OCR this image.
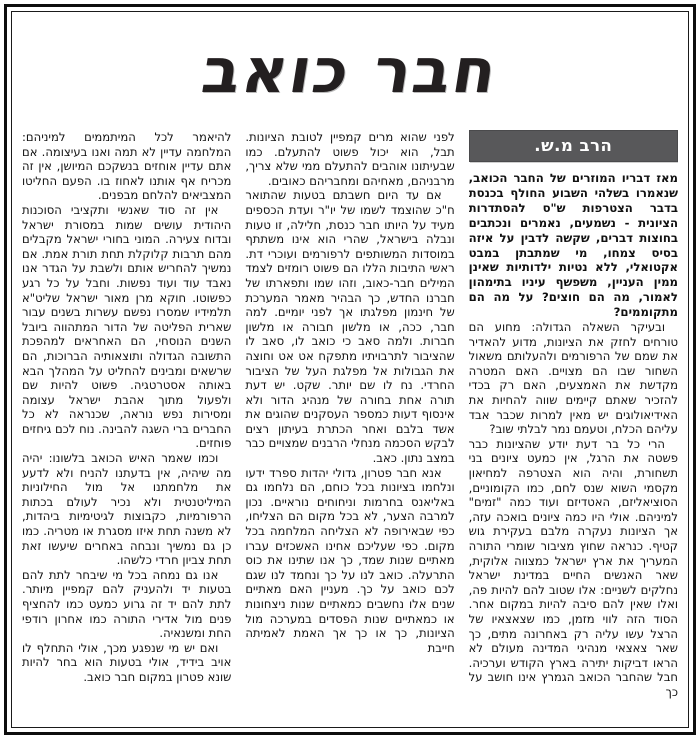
חבר כואב
הרב מ.ש.

מאז דבריו המוזרים של החבר הכואב, שנאמרו בשלהי השבוע החולף בכנסת בדבר הצטרפות ש"ס להסתדרות הציונית - נשמעים, נאמרים ונכתבים בחוצות דברים, שקשה לדבין על איזה בסיס צמחו, מי שמתבתן במבט אקטואלי, ללא נטיות ילדותיות שאינן ממין העניין, משפשף עיניו בתימהון לאמור, מה הם חוצים? על מה הם מתקוממים?

ובעיקר השאלה הגדולה: מחוע הם טורחים לחזק את הציונות, מדוע להאדיר את שמם של הרפורמים ולהעלותם משאול השחור שבו הם מצויים. האם המטרה מקדשת את האמצעים, האם רק בכדי להזכיר שאתם קיימים שווה להחיות את האידיאולוגים יש מאין למרות שכבר אבד עליהם הכלח, וטעמם נמר לבלתי שוב?

הרי כל בר דעת יודע שהציונות כבר פשטה את הרגל, אין כמעט ציונים בני תשחורת, והיה הוא הצטרפה למחיאון מקסמי השוא שנס לחם, כמו הקומוניים, הסוציאליזם, האטדיזם ועוד כמה "זמים" למיניהם. אולי היו כמה ציונים בואכה עזה, אך הציונות נעקרה מלבם בעקירת גוש קטיף. כנראה שחוץ מציבור שומרי התורה המעריך את ארץ ישראל כמצווה אלוקית, שאר האנשים החיים במדינת ישראל נחלקים לשניים: אלו שטוב להם להיות פה, ואלו שאין להם סיבה להיות במקום אחר. הסוד הזה לווי מזמן, כמו שצאצאיו של הרצל עשו עליה רק באחרונה מתים, כך שאר צאצאי מנהיגי המדינה מעולם לא הראו דביקות יתירה בארץ הקודש וערכיה. חבל שהחבר הכואב הגמרץ אינו חושב על כך

לפני שהוא מרים קמפיין לטובת הציונות. תבל, הוא יכול פשוט להתעלם. כמו שבעיתונו אוהבים להתעלם ממי שלא צריך, מרבניהם, מאחיהם ומחבריהם כאובים.

אם עד היום חשבתם בטעות שהתואר ח"כ שהוצמד לשמו של יו"ר ועדת הכספים מעיד על היותו חבר כנסת, חלילה, זו טעות ונבלה בישראל, שהרי הוא אינו משתתף במוסדות המשותפים לרפורמים ועוכרי דת. ראשי התיבות הללו הם פשוט רומזים לצמד המילים חבר-כאוב, וזהו שמו ותפארתו של חברנו החדש, כך הבהיר מאמר המערכת של חינמון מפלגתו אך לפני יומיים. למה חבר, ככה, או מלשון חבורה או מלשון חברות. ולמה סאב כי כואב לו, סאב לו שהציבור לתרבויתיו מתפקח אט אט וחוצה את הגבולות אל מפלגת העל של הציבור החרדי. נח לו שם יותר. שקט. יש דעת תורה אחת בחורה של מנהיג הדור ולא אינסוף דעות כמספר העסקנים שהוגים את אשד בלבם ואחר הכתרת בעיתון רצים לבקש הסכמה מנחלי הרבנים שמצויים כבר במצב נתון. כאב.

אנא חבר פטרון, גדולי יהדות ספרד ידעו ונלחמו בציונות בכל כוחם, הם נלחמו גם באליאנס בחרמות וניחוחים נוראיים. נכון למרבה הצער, לא בכל מקום הם הצליחו, כפי שבאירופה לא הצליחה המלחמה בכל מקום. כפי שעליכם אחינו האשכזים עברו מאתיים שנות שמד, כך אנו שתינו את כוס התרעלה. כואב לנו על כך ונחמד לנו שגם לכם כואב על כך. מעניין האם מאתיים שנים אלו נחשבים כמאתיים שנות ניצחונות או כמאתיים שנות הפסדים במערכה מול הציונות, כך או כך אך האמת לאמיתה חייבת

להיאמר לכל המיתממים למיניהם: המלחמה עדיין לא תמה ואנו בעיצומה. אם אתם עדיין אוחזים בנשקכם המיושן, אין זה מכריח אף אותנו לאחוז בו. הפעם החליטו המצביאים להלחם מבפנים.

אין זה סוד שאנשי ותקציבי הסוכנות היהודית עושים שמות במסורת ישראל ובדוח צעירה. המוני בחורי ישראל מקבלים מהם תרבות קלוקלת תחת תורת אמת. אם נמשיך להחריש אותם ולשבת על הגדר אנו נאבד עוד ועוד נפשות. וחבל על כל רגע כפשוטו. חוקא מרן מאור ישראל שליט"א תלמידיו שמסרו נפשם עשרות בשנים עבור שארית הפליטה של הדור המתהווה ביובל השנים הנוסחי, הם האחראים למהפכת התשובה הגדולה ותוצאותיה הברוכות, הם שרשאים ומבינים להחליט על המהלך הבא באותה אסטרטגיה. פשוט להיות שם ולפעול מתוך אהבת ישראל עצומה ומסירות נפש נוראה, שכנראה לא כל החברים ברי השגה להבינה. נוח לכם גיחזים פוחזים.

וכמו שאמר האיש הכואב בלשונו: יהיה מה שיהיה, אין בדעתנו להניח ולא לדעע את מלחמתנו אל מול החילוניות המיליטנטית ולא נכיר לעולם בכתות הרפורמיות, כקבוצות לגיטימיות ביהדות, לא משנה תחת איזו מסגרת או מטריה. כמו כן גם נמשיך ונבחה באחרים שיעשו זאת תחת צביון חרדי כלשהו.

אנו גם נמחה בכל מי שיבחר לתת להם בטעות יד ולהעניק להם קמפיין מיותר. לתת להם יד זה גרוע כמעט כמו להחציף פנים מול אדירי התורה כמו אחרון רודפי החת ומשנאיה.

ואם יש מי שנפגע מכך, אולי התחלף לו אויב בידיד, אולי בטעות הוא בחר להיות שונא פטרון במקום חבר כואב.
